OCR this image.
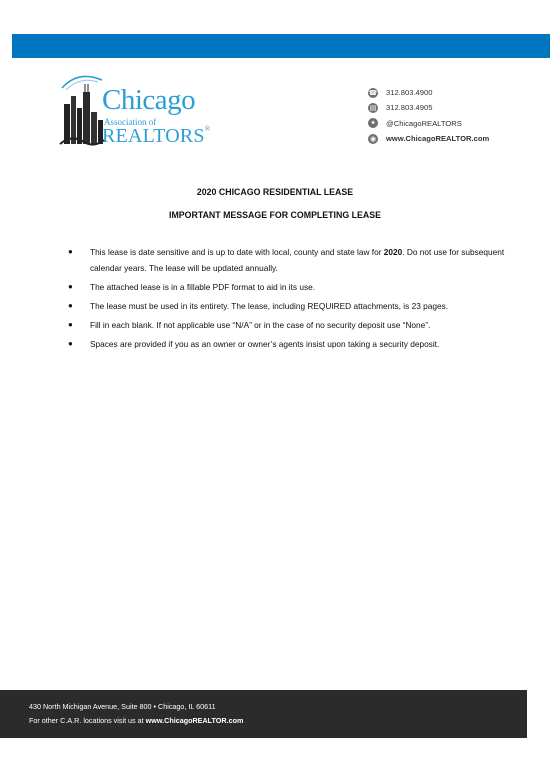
Chicago
Association of
REALTORS®
☎ 312.803.4900
▤ 312.803.4905
✦ @ChicagoREALTORS
◉ www.ChicagoREALTOR.com
2020 CHICAGO RESIDENTIAL LEASE
IMPORTANT MESSAGE FOR COMPLETING LEASE
● This lease is date sensitive and is up to date with local, county and state law for 2020. Do not use for subsequent calendar years. The lease will be updated annually.
● The attached lease is in a fillable PDF format to aid in its use.
● The lease must be used in its entirety. The lease, including REQUIRED attachments, is 23 pages.
● Fill in each blank. If not applicable use “N/A” or in the case of no security deposit use “None”.
● Spaces are provided if you as an owner or owner’s agents insist upon taking a security deposit.
430 North Michigan Avenue, Suite 800 • Chicago, IL 60611
For other C.A.R. locations visit us at www.ChicagoREALTOR.com
